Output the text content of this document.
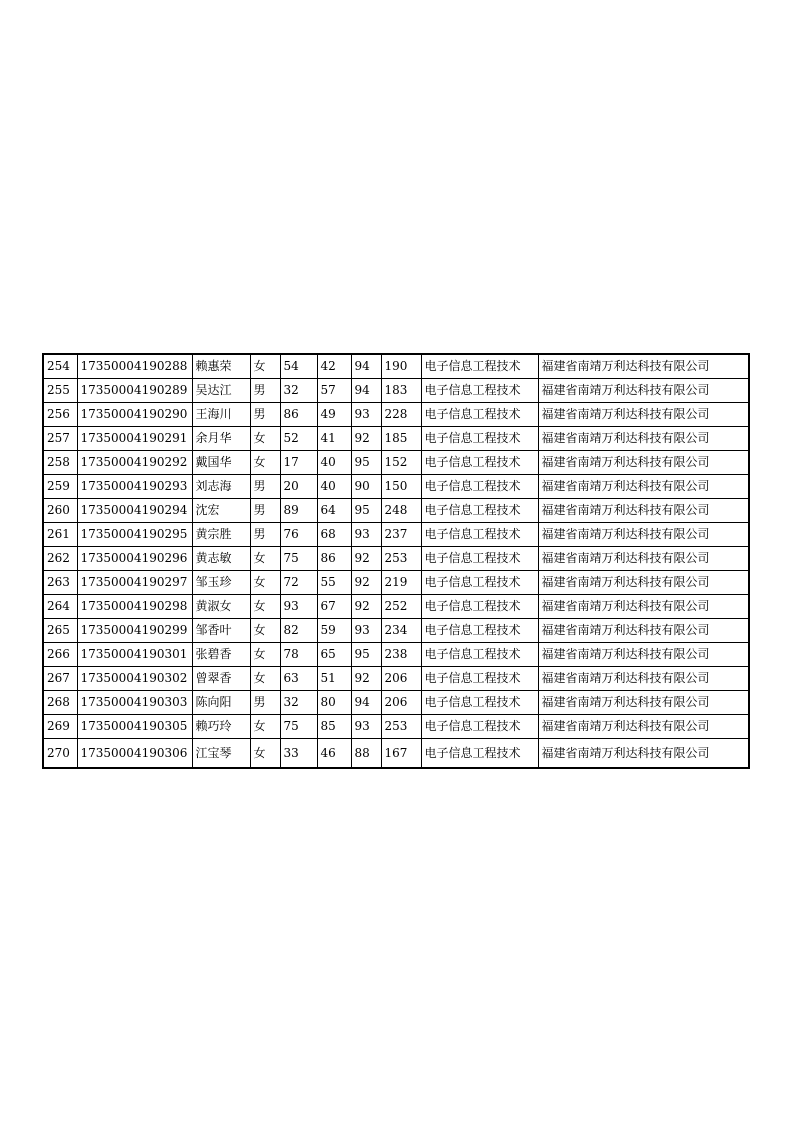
254	17350004190288	赖惠荣	女	54	42	94	190	电子信息工程技术	福建省南靖万利达科技有限公司
255	17350004190289	吴达江	男	32	57	94	183	电子信息工程技术	福建省南靖万利达科技有限公司
256	17350004190290	王海川	男	86	49	93	228	电子信息工程技术	福建省南靖万利达科技有限公司
257	17350004190291	余月华	女	52	41	92	185	电子信息工程技术	福建省南靖万利达科技有限公司
258	17350004190292	戴国华	女	17	40	95	152	电子信息工程技术	福建省南靖万利达科技有限公司
259	17350004190293	刘志海	男	20	40	90	150	电子信息工程技术	福建省南靖万利达科技有限公司
260	17350004190294	沈宏	男	89	64	95	248	电子信息工程技术	福建省南靖万利达科技有限公司
261	17350004190295	黄宗胜	男	76	68	93	237	电子信息工程技术	福建省南靖万利达科技有限公司
262	17350004190296	黄志敏	女	75	86	92	253	电子信息工程技术	福建省南靖万利达科技有限公司
263	17350004190297	邹玉珍	女	72	55	92	219	电子信息工程技术	福建省南靖万利达科技有限公司
264	17350004190298	黄淑女	女	93	67	92	252	电子信息工程技术	福建省南靖万利达科技有限公司
265	17350004190299	邹香叶	女	82	59	93	234	电子信息工程技术	福建省南靖万利达科技有限公司
266	17350004190301	张碧香	女	78	65	95	238	电子信息工程技术	福建省南靖万利达科技有限公司
267	17350004190302	曾翠香	女	63	51	92	206	电子信息工程技术	福建省南靖万利达科技有限公司
268	17350004190303	陈向阳	男	32	80	94	206	电子信息工程技术	福建省南靖万利达科技有限公司
269	17350004190305	赖巧玲	女	75	85	93	253	电子信息工程技术	福建省南靖万利达科技有限公司
270	17350004190306	江宝琴	女	33	46	88	167	电子信息工程技术	福建省南靖万利达科技有限公司
